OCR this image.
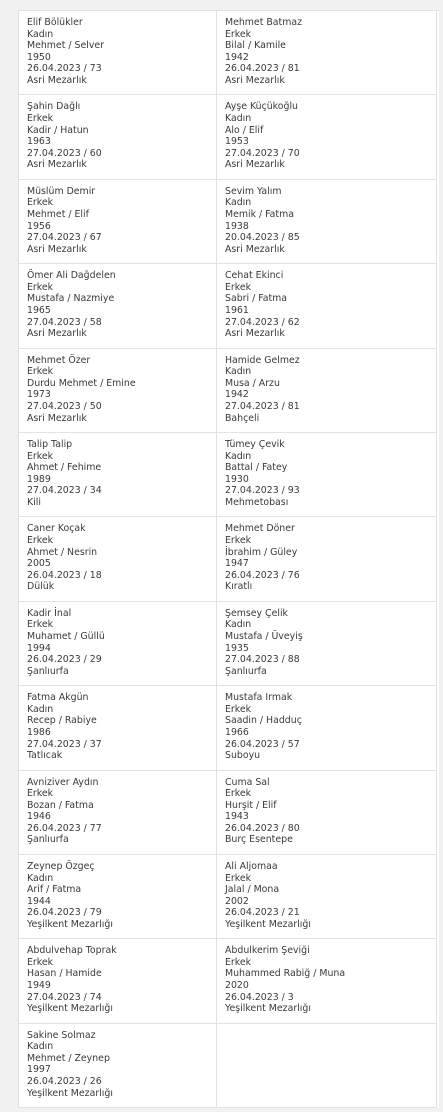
Elif Bölükler
Kadın
Mehmet / Selver
1950
26.04.2023 / 73
Asri Mezarlık
Mehmet Batmaz
Erkek
Bilal / Kamile
1942
26.04.2023 / 81
Asri Mezarlık
Şahin Dağlı
Erkek
Kadir / Hatun
1963
27.04.2023 / 60
Asri Mezarlık
Ayşe Küçükoğlu
Kadın
Alo / Elif
1953
27.04.2023 / 70
Asri Mezarlık
Müslüm Demir
Erkek
Mehmet / Elif
1956
27.04.2023 / 67
Asri Mezarlık
Sevim Yalım
Kadın
Memik / Fatma
1938
20.04.2023 / 85
Asri Mezarlık
Ömer Ali Dağdelen
Erkek
Mustafa / Nazmiye
1965
27.04.2023 / 58
Asri Mezarlık
Cehat Ekinci
Erkek
Sabri / Fatma
1961
27.04.2023 / 62
Asri Mezarlık
Mehmet Özer
Erkek
Durdu Mehmet / Emine
1973
27.04.2023 / 50
Asri Mezarlık
Hamide Gelmez
Kadın
Musa / Arzu
1942
27.04.2023 / 81
Bahçeli
Talip Talip
Erkek
Ahmet / Fehime
1989
27.04.2023 / 34
Kili
Tümey Çevik
Kadın
Battal / Fatey
1930
27.04.2023 / 93
Mehmetobası
Caner Koçak
Erkek
Ahmet / Nesrin
2005
26.04.2023 / 18
Dülük
Mehmet Döner
Erkek
İbrahim / Güley
1947
26.04.2023 / 76
Kıratlı
Kadir İnal
Erkek
Muhamet / Güllü
1994
26.04.2023 / 29
Şanlıurfa
Şemsey Çelik
Kadın
Mustafa / Üveyiş
1935
27.04.2023 / 88
Şanlıurfa
Fatma Akgün
Kadın
Recep / Rabiye
1986
27.04.2023 / 37
Tatlıcak
Mustafa Irmak
Erkek
Saadin / Hadduç
1966
26.04.2023 / 57
Suboyu
Avniziver Aydın
Erkek
Bozan / Fatma
1946
26.04.2023 / 77
Şanlıurfa
Cuma Sal
Erkek
Hurşit / Elif
1943
26.04.2023 / 80
Burç Esentepe
Zeynep Özgeç
Kadın
Arif / Fatma
1944
26.04.2023 / 79
Yeşilkent Mezarlığı
Ali Aljomaa
Erkek
Jalal / Mona
2002
26.04.2023 / 21
Yeşilkent Mezarlığı
Abdulvehap Toprak
Erkek
Hasan / Hamide
1949
27.04.2023 / 74
Yeşilkent Mezarlığı
Abdulkerim Şeviği
Erkek
Muhammed Rabiğ / Muna
2020
26.04.2023 / 3
Yeşilkent Mezarlığı
Sakine Solmaz
Kadın
Mehmet / Zeynep
1997
26.04.2023 / 26
Yeşilkent Mezarlığı
